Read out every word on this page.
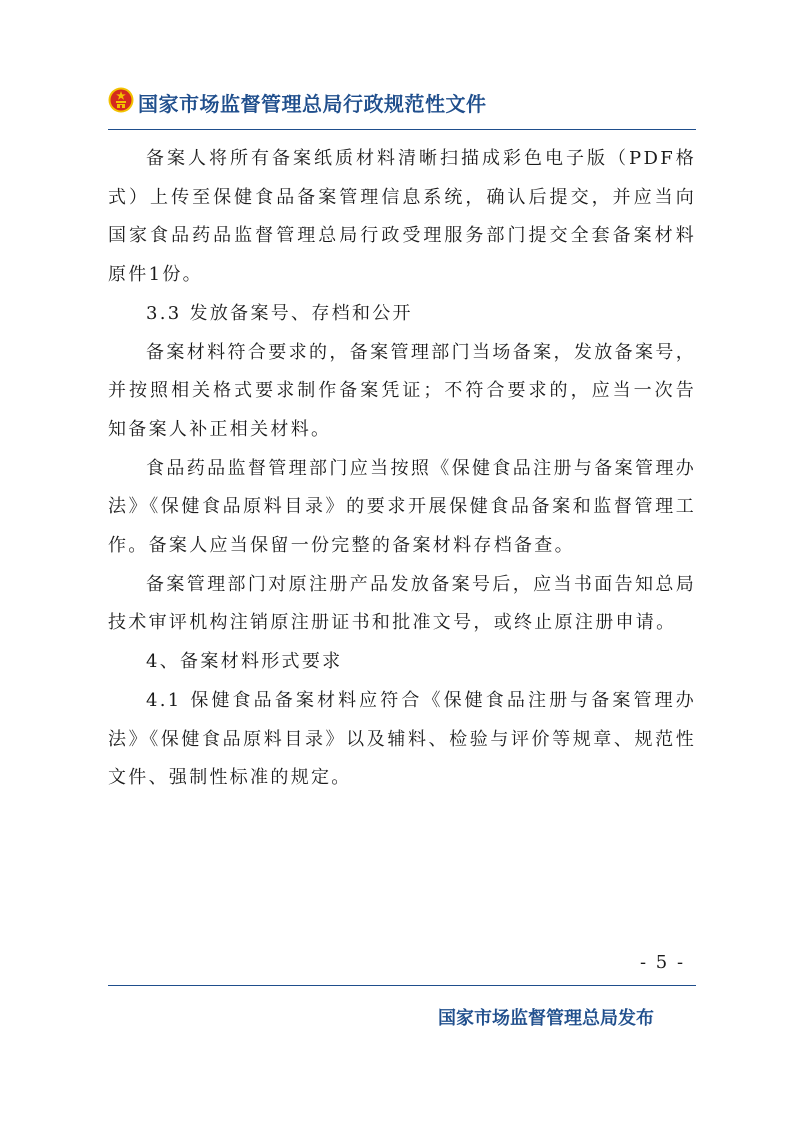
国家市场监督管理总局行政规范性文件

备案人将所有备案纸质材料清晰扫描成彩色电子版（PDF格式）上传至保健食品备案管理信息系统，确认后提交，并应当向国家食品药品监督管理总局行政受理服务部门提交全套备案材料原件1份。

3.3 发放备案号、存档和公开

备案材料符合要求的，备案管理部门当场备案，发放备案号，并按照相关格式要求制作备案凭证；不符合要求的，应当一次告知备案人补正相关材料。

食品药品监督管理部门应当按照《保健食品注册与备案管理办法》《保健食品原料目录》的要求开展保健食品备案和监督管理工作。备案人应当保留一份完整的备案材料存档备查。

备案管理部门对原注册产品发放备案号后，应当书面告知总局技术审评机构注销原注册证书和批准文号，或终止原注册申请。

4、备案材料形式要求

4.1 保健食品备案材料应符合《保健食品注册与备案管理办法》《保健食品原料目录》以及辅料、检验与评价等规章、规范性文件、强制性标准的规定。

- 5 -
国家市场监督管理总局发布
